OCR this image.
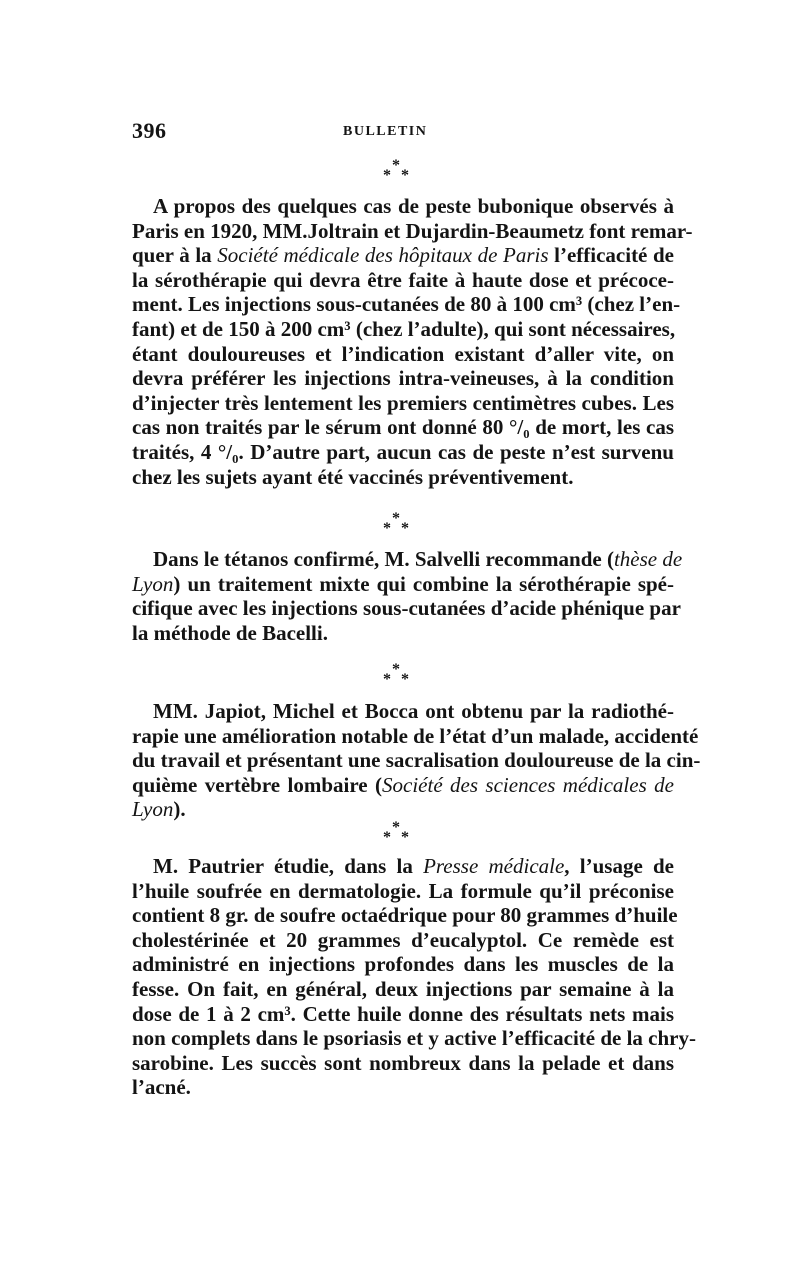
396	BULLETIN
*
* *
A propos des quelques cas de peste bubonique observés à
Paris en 1920, MM.Joltrain et Dujardin-Beaumetz font remar-
quer à la Société médicale des hôpitaux de Paris l’efficacité de
la sérothérapie qui devra être faite à haute dose et précoce-
ment. Les injections sous-cutanées de 80 à 100 cm³ (chez l’en-
fant) et de 150 à 200 cm³ (chez l’adulte), qui sont nécessaires,
étant douloureuses et l’indication existant d’aller vite, on
devra préférer les injections intra-veineuses, à la condition
d’injecter très lentement les premiers centimètres cubes. Les
cas non traités par le sérum ont donné 80 °/₀ de mort, les cas
traités, 4 °/₀. D’autre part, aucun cas de peste n’est survenu
chez les sujets ayant été vaccinés préventivement.
*
* *
Dans le tétanos confirmé, M. Salvelli recommande (thèse de
Lyon) un traitement mixte qui combine la sérothérapie spé-
cifique avec les injections sous-cutanées d’acide phénique par
la méthode de Bacelli.
*
* *
MM. Japiot, Michel et Bocca ont obtenu par la radiothé-
rapie une amélioration notable de l’état d’un malade, accidenté
du travail et présentant une sacralisation douloureuse de la cin-
quième vertèbre lombaire (Société des sciences médicales de
Lyon).
*
* *
M. Pautrier étudie, dans la Presse médicale, l’usage de
l’huile soufrée en dermatologie. La formule qu’il préconise
contient 8 gr. de soufre octaédrique pour 80 grammes d’huile
cholestérinée et 20 grammes d’eucalyptol. Ce remède est
administré en injections profondes dans les muscles de la
fesse. On fait, en général, deux injections par semaine à la
dose de 1 à 2 cm³. Cette huile donne des résultats nets mais
non complets dans le psoriasis et y active l’efficacité de la chry-
sarobine. Les succès sont nombreux dans la pelade et dans
l’acné.
